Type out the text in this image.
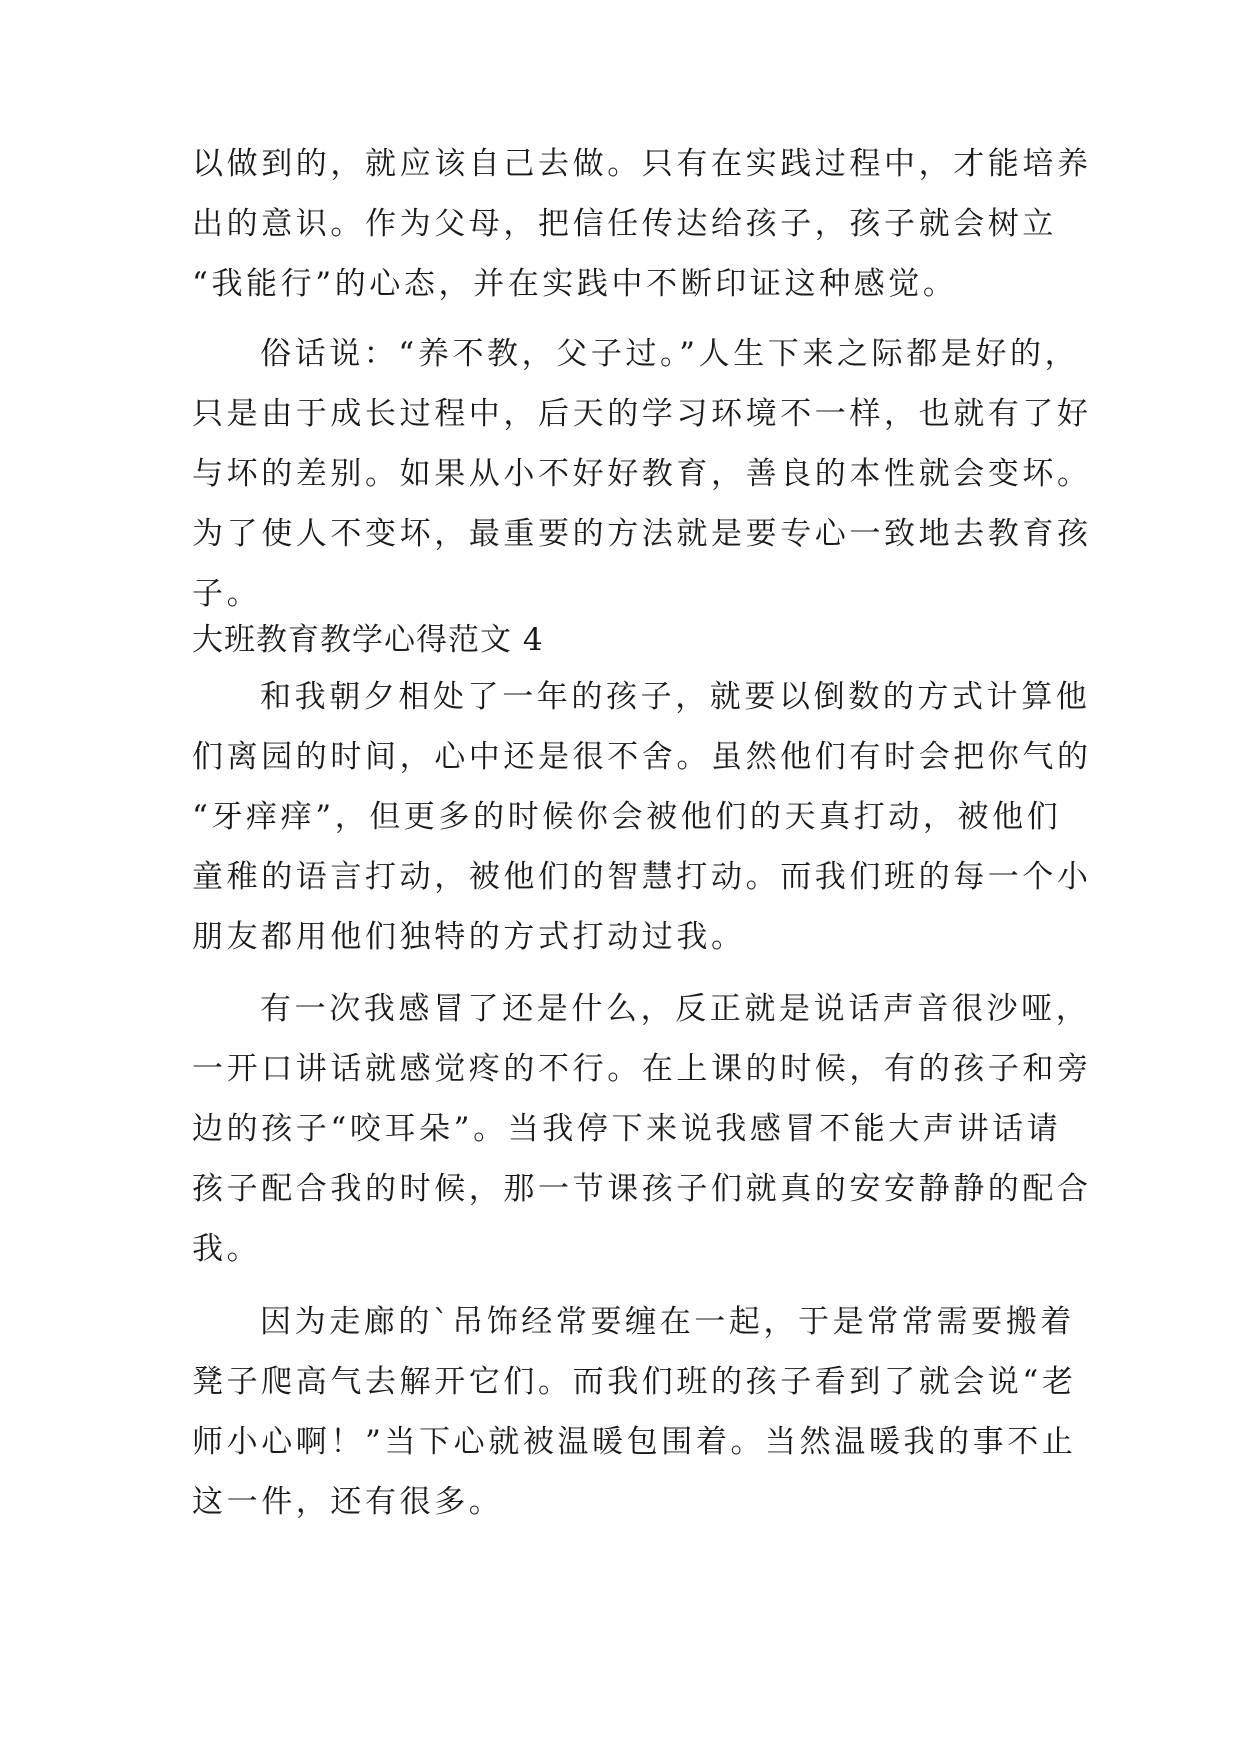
以做到的，就应该自己去做。只有在实践过程中，才能培养
出的意识。作为父母，把信任传达给孩子，孩子就会树立
“我能行”的心态，并在实践中不断印证这种感觉。
俗话说：“养不教，父子过。”人生下来之际都是好的，
只是由于成长过程中，后天的学习环境不一样，也就有了好
与坏的差别。如果从小不好好教育，善良的本性就会变坏。
为了使人不变坏，最重要的方法就是要专心一致地去教育孩
子。
大班教育教学心得范文 4
和我朝夕相处了一年的孩子，就要以倒数的方式计算他
们离园的时间，心中还是很不舍。虽然他们有时会把你气的
“牙痒痒”，但更多的时候你会被他们的天真打动，被他们
童稚的语言打动，被他们的智慧打动。而我们班的每一个小
朋友都用他们独特的方式打动过我。
有一次我感冒了还是什么，反正就是说话声音很沙哑，
一开口讲话就感觉疼的不行。在上课的时候，有的孩子和旁
边的孩子“咬耳朵”。当我停下来说我感冒不能大声讲话请
孩子配合我的时候，那一节课孩子们就真的安安静静的配合
我。
因为走廊的`吊饰经常要缠在一起，于是常常需要搬着
凳子爬高气去解开它们。而我们班的孩子看到了就会说“老
师小心啊！”当下心就被温暖包围着。当然温暖我的事不止
这一件，还有很多。
